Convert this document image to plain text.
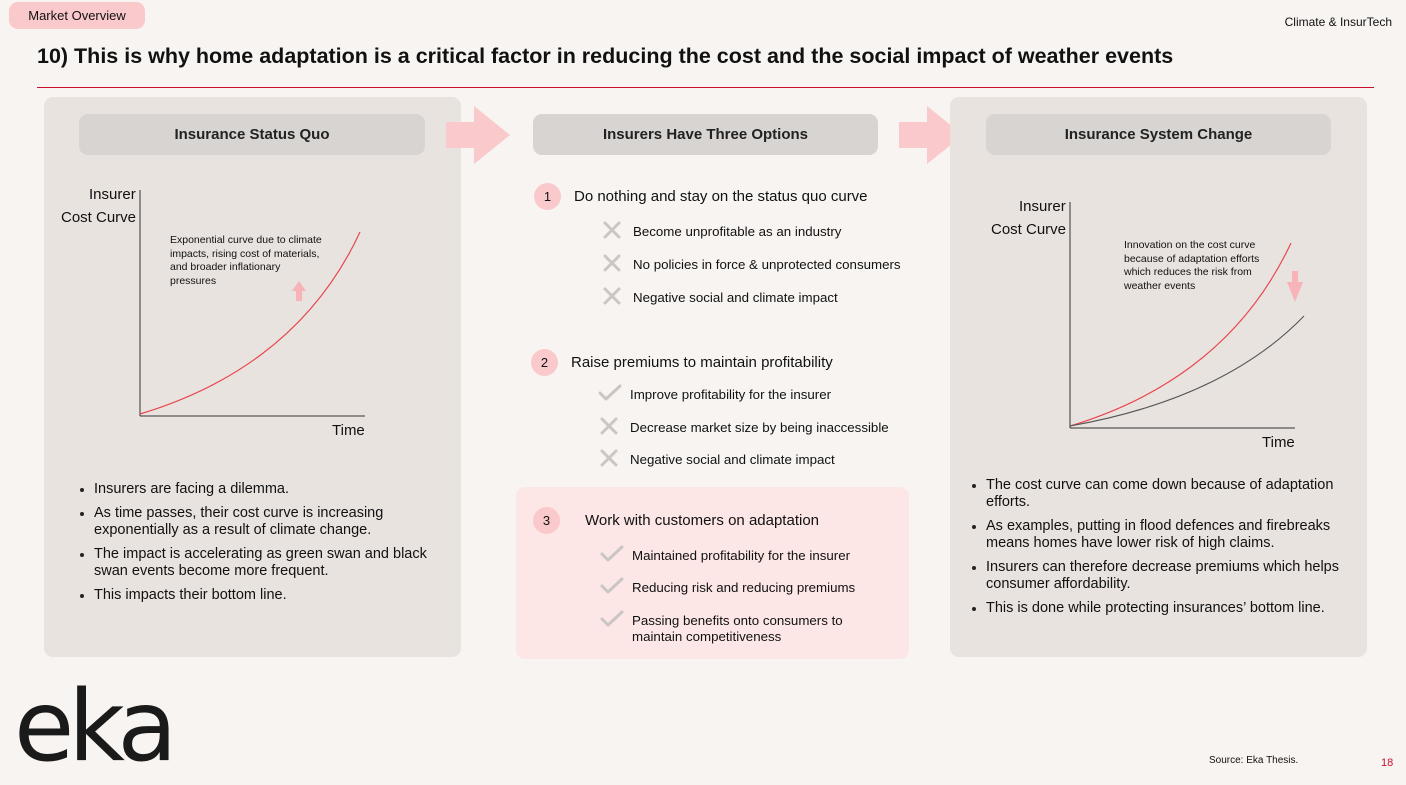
Market Overview	Climate & InsurTech
10) This is why home adaptation is a critical factor in reducing the cost and the social impact of weather events
Insurance Status Quo
Insurer
Cost Curve
Time
Exponential curve due to climate impacts, rising cost of materials, and broader inflationary pressures
Insurers are facing a dilemma.
As time passes, their cost curve is increasing exponentially as a result of climate change.
The impact is accelerating as green swan and black swan events become more frequent.
This impacts their bottom line.
Insurers Have Three Options
1	Do nothing and stay on the status quo curve
Become unprofitable as an industry
No policies in force & unprotected consumers
Negative social and climate impact
2	Raise premiums to maintain profitability
Improve profitability for the insurer
Decrease market size by being inaccessible
Negative social and climate impact
3	Work with customers on adaptation
Maintained profitability for the insurer
Reducing risk and reducing premiums
Passing benefits onto consumers to maintain competitiveness
Insurance System Change
Insurer
Cost Curve
Time
Innovation on the cost curve because of adaptation efforts which reduces the risk from weather events
The cost curve can come down because of adaptation efforts.
As examples, putting in flood defences and firebreaks means homes have lower risk of high claims.
Insurers can therefore decrease premiums which helps consumer affordability.
This is done while protecting insurances’ bottom line.
eka	Source: Eka Thesis.	18
